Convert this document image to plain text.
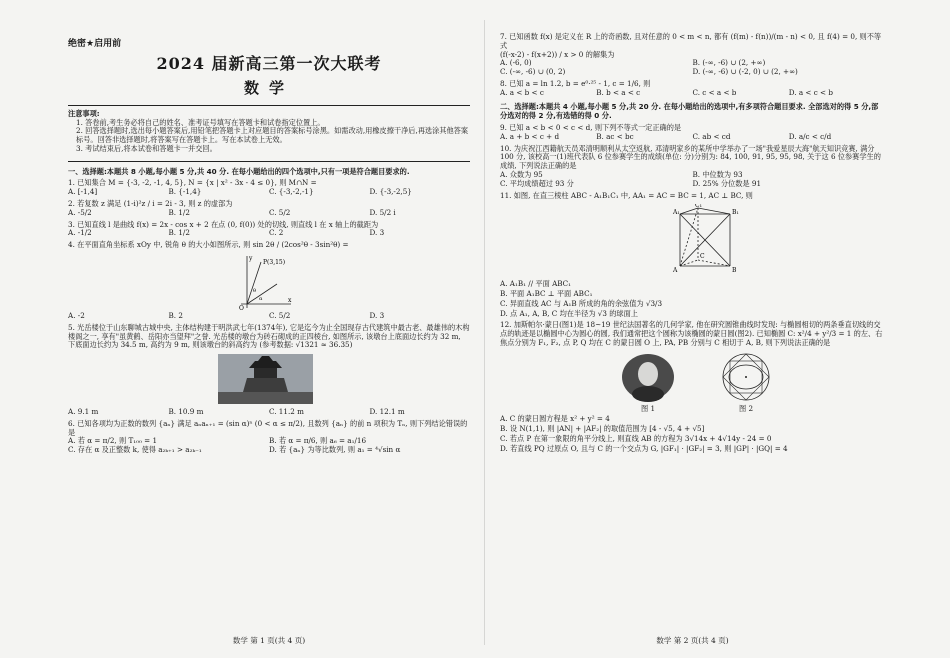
绝密★启用前
2024 届新高三第一次大联考
数学
注意事项:

1. 答卷前,考生务必将自己的姓名、准考证号填写在答题卡和试卷指定位置上。

2. 回答选择题时,选出每小题答案后,用铅笔把答题卡上对应题目的答案标号涂黑。如需改动,用橡皮擦干净后,再选涂其他答案标号。回答非选择题时,将答案写在答题卡上。写在本试卷上无效。

3. 考试结束后,将本试卷和答题卡一并交回。

一、选择题:本题共 8 小题,每小题 5 分,共 40 分. 在每小题给出的四个选项中,只有一项是符合题目要求的.
1. 已知集合 M = {-3, -2, -1, 4, 5}, N = {x | x² - 3x - 4 ≤ 0}, 则 M∩N =
A. [-1,4]	B. {-1,4}	C. {-3,-2,-1}	D. {-3,-2,5}
2. 若复数 z 满足 (1-i)²z / i = 2i - 3, 则 z 的虚部为
A. -5/2	B. 1/2	C. 5/2	D. 5/2 i
3. 已知直线 l 是曲线 f(x) = 2x - cos x + 2 在点 (0, f(0)) 处的切线, 则直线 l 在 x 轴上的截距为
A. -1/2	B. 1/2	C. 2	D. 3
4. 在平面直角坐标系 xOy 中, 锐角 θ 的大小如图所示, 则 sin 2θ / (2cos²θ - 3sin²θ) =
P(3,15)
x
y
O
α
θ
A. -2	B. 2	C. 5/2	D. 3
5. 光岳楼位于山东聊城古城中央, 主体结构建于明洪武七年(1374年), 它是迄今为止全国现存古代建筑中最古老、最雄伟的木构楼阁之一, 享有"虽黄鹤、岳阳亦当望拜"之誉. 光岳楼的墩台为砖石砌成的正四棱台, 如图所示, 该墩台上底面边长约为 32 m, 下底面边长约为 34.5 m, 高约为 9 m, 则该墩台的斜高约为 (参考数据: √1321 ≈ 36.35)
A. 9.1 m	B. 10.9 m	C. 11.2 m	D. 12.1 m
6. 已知各项均为正数的数列 {aₙ} 满足 aₙaₙ₊₁ = (sin α)ⁿ (0 < α ≤ π/2), 且数列 {aₙ} 的前 n 项积为 Tₙ, 则下列结论错误的是
A. 若 α = π/2, 则 T₁₀₀ = 1	B. 若 α = π/6, 则 a₆ = a₁/16
C. 存在 α 及正整数 k, 使得 a₂ₖ₊₁ > a₂ₖ₋₁	D. 若 {aₙ} 为等比数列, 则 a₁ = ⁴√sin α
数学 第 1 页(共 4 页)
7. 已知函数 f(x) 是定义在 R 上的奇函数, 且对任意的 0 < m < n, 都有 (f(m) - f(n))/(m - n) < 0, 且 f(4) = 0, 则不等式
(f(-x-2) - f(x+2)) / x > 0 的解集为
A. (-6, 0)	B. (-∞, -6) ∪ (2, +∞)
C. (-∞, -6) ∪ (0, 2)	D. (-∞, -6) ∪ (-2, 0) ∪ (2, +∞)
8. 已知 a = ln 1.2, b = e⁰·²⁵ - 1, c = 1/6, 则
A. a < b < c	B. b < a < c	C. c < a < b	D. a < c < b
二、选择题:本题共 4 小题,每小题 5 分,共 20 分. 在每小题给出的选项中,有多项符合题目要求. 全部选对的得 5 分,部分选对的得 2 分,有选错的得 0 分.
9. 已知 a < b < 0 < c < d, 则下列不等式一定正确的是
A. a + b < c + d	B. ac < bc	C. ab < cd	D. a/c < c/d
10. 为庆祝江西籍航天员邓清明顺利从太空返航, 邓清明家乡的某所中学举办了一场"我爱星辰大海"航天知识竞赛, 满分 100 分, 该校高一(1)班代表队 6 位参赛学生的成绩(单位: 分)分别为: 84, 100, 91, 95, 95, 98, 关于这 6 位参赛学生的成绩, 下列说法正确的是
A. 众数为 95	B. 中位数为 93
C. 平均成绩超过 93 分	D. 25% 分位数是 91
11. 如图, 在直三棱柱 ABC - A₁B₁C₁ 中, AA₁ = AC = BC = 1, AC ⊥ BC, 则
A₁	B₁
C₁
A	B
C
A. A₁B₁ // 平面 ABC₁
B. 平面 A₁BC ⊥ 平面 ABC₁
C. 异面直线 AC 与 A₁B 所成的角的余弦值为 √3/3
D. 点 A₁, A, B, C 均在半径为 √3 的球面上
12. 加斯帕尔·蒙日(图1)是 18~19 世纪法国著名的几何学家, 他在研究圆锥曲线时发现: 与椭圆相切的两条垂直切线的交点的轨迹是以椭圆中心为圆心的圆, 我们通常把这个圆称为该椭圆的蒙日圆(图2). 已知椭圆 C: x²/4 + y²/3 = 1 的左、右焦点分别为 F₁, F₂, 点 P, Q 均在 C 的蒙日圆 O 上, PA, PB 分别与 C 相切于 A, B, 则下列说法正确的是
图 1	图 2
A. C 的蒙日圆方程是 x² + y² = 4
B. 设 N(1,1), 则 |AN| + |AF₂| 的取值范围为 [4 - √5, 4 + √5]
C. 若点 P 在第一象限的角平分线上, 则直线 AB 的方程为 3√14x + 4√14y - 24 = 0
D. 若直线 PQ 过原点 O, 且与 C 的一个交点为 G, |GF₁| · |GF₂| = 3, 则 |GP| · |GQ| = 4
数学 第 2 页(共 4 页)
